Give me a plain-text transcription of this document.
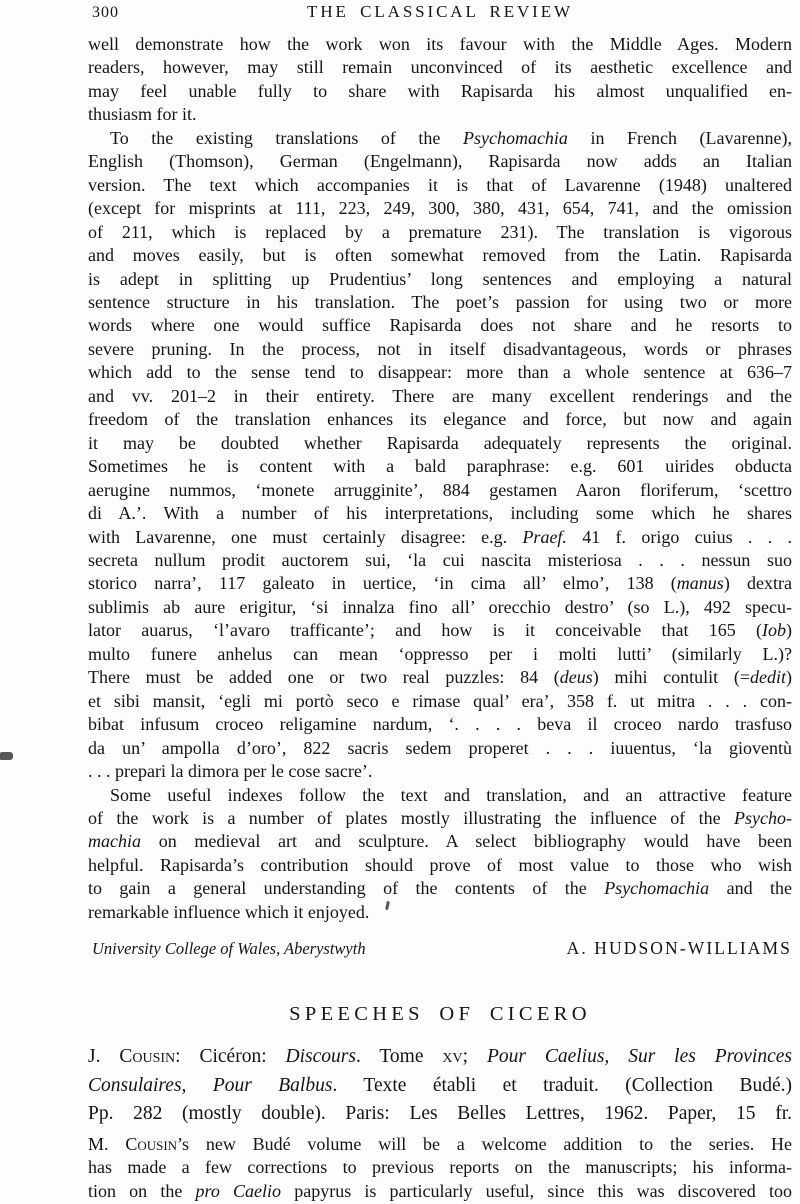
300	THE CLASSICAL REVIEW
well demonstrate how the work won its favour with the Middle Ages. Modern
readers, however, may still remain unconvinced of its aesthetic excellence and
may feel unable fully to share with Rapisarda his almost unqualified en-
thusiasm for it.
To the existing translations of the Psychomachia in French (Lavarenne),
English (Thomson), German (Engelmann), Rapisarda now adds an Italian
version. The text which accompanies it is that of Lavarenne (1948) unaltered
(except for misprints at 111, 223, 249, 300, 380, 431, 654, 741, and the omission
of 211, which is replaced by a premature 231). The translation is vigorous
and moves easily, but is often somewhat removed from the Latin. Rapisarda
is adept in splitting up Prudentius’ long sentences and employing a natural
sentence structure in his translation. The poet’s passion for using two or more
words where one would suffice Rapisarda does not share and he resorts to
severe pruning. In the process, not in itself disadvantageous, words or phrases
which add to the sense tend to disappear: more than a whole sentence at 636–7
and vv. 201–2 in their entirety. There are many excellent renderings and the
freedom of the translation enhances its elegance and force, but now and again
it may be doubted whether Rapisarda adequately represents the original.
Sometimes he is content with a bald paraphrase: e.g. 601 uirides obducta
aerugine nummos, ‘monete arrugginite’, 884 gestamen Aaron floriferum, ‘scettro
di A.’. With a number of his interpretations, including some which he shares
with Lavarenne, one must certainly disagree: e.g. Praef. 41 f. origo cuius . . .
secreta nullum prodit auctorem sui, ‘la cui nascita misteriosa . . . nessun suo
storico narra’, 117 galeato in uertice, ‘in cima all’ elmo’, 138 (manus) dextra
sublimis ab aure erigitur, ‘si innalza fino all’ orecchio destro’ (so L.), 492 specu-
lator auarus, ‘l’avaro trafficante’; and how is it conceivable that 165 (Iob)
multo funere anhelus can mean ‘oppresso per i molti lutti’ (similarly L.)?
There must be added one or two real puzzles: 84 (deus) mihi contulit (=dedit)
et sibi mansit, ‘egli mi portò seco e rimase qual’ era’, 358 f. ut mitra . . . con-
bibat infusum croceo religamine nardum, ‘. . . . beva il croceo nardo trasfuso
da un’ ampolla d’oro’, 822 sacris sedem properet . . . iuuentus, ‘la gioventù
. . . prepari la dimora per le cose sacre’.
Some useful indexes follow the text and translation, and an attractive feature
of the work is a number of plates mostly illustrating the influence of the Psycho-
machia on medieval art and sculpture. A select bibliography would have been
helpful. Rapisarda’s contribution should prove of most value to those who wish
to gain a general understanding of the contents of the Psychomachia and the
remarkable influence which it enjoyed.
University College of Wales, Aberystwyth	A. HUDSON-WILLIAMS
SPEECHES OF CICERO
J. Cousin: Cicéron: Discours. Tome xv; Pour Caelius, Sur les Provinces
Consulaires, Pour Balbus. Texte établi et traduit. (Collection Budé.)
Pp. 282 (mostly double). Paris: Les Belles Lettres, 1962. Paper, 15 fr.
M. Cousin’s new Budé volume will be a welcome addition to the series. He
has made a few corrections to previous reports on the manuscripts; his informa-
tion on the pro Caelio papyrus is particularly useful, since this was discovered too
